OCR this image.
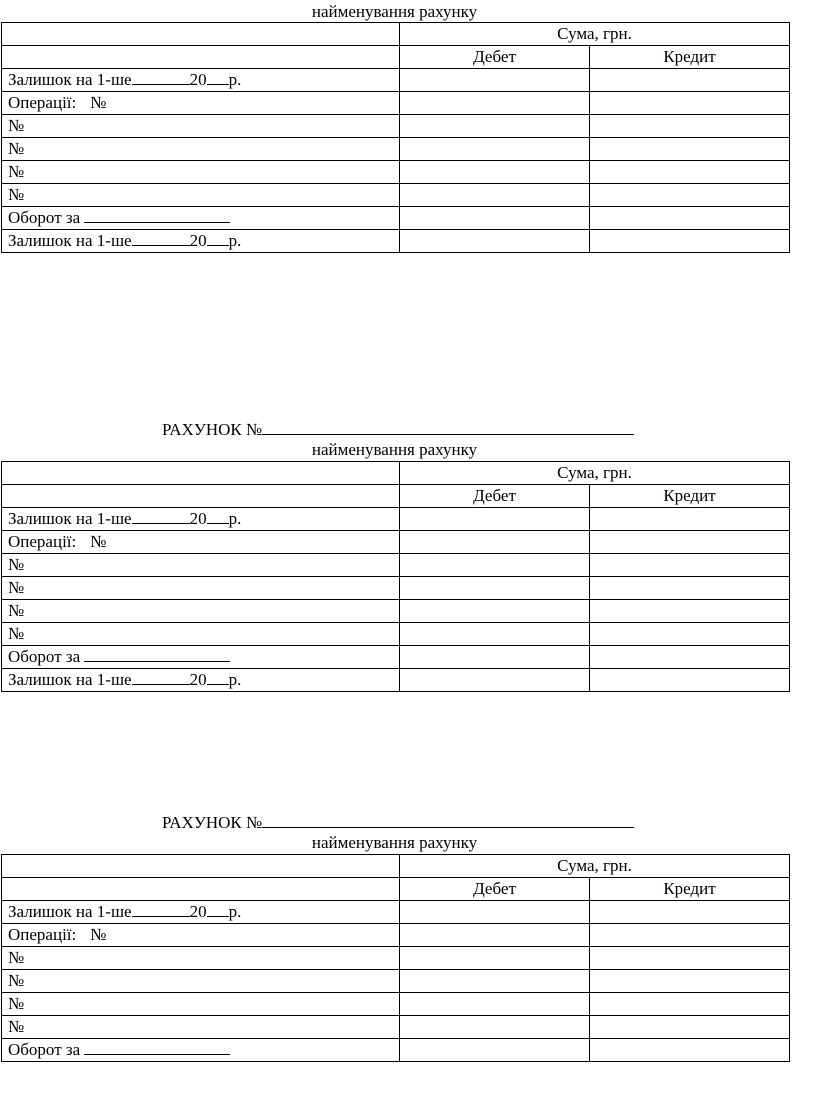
найменування рахунку
	Сума, грн.	
	Дебет	Кредит
Залишок на 1-ше 20 р.		
Операції: №		
№		
№		
№		
№		
Оборот за		
Залишок на 1-ше 20 р.		
РАХУНОК №
найменування рахунку
	Сума, грн.	
	Дебет	Кредит
Залишок на 1-ше 20 р.		
Операції: №		
№		
№		
№		
№		
Оборот за		
Залишок на 1-ше 20 р.		
РАХУНОК №
найменування рахунку
	Сума, грн.	
	Дебет	Кредит
Залишок на 1-ше 20 р.		
Операції: №		
№		
№		
№		
№		
Оборот за		
